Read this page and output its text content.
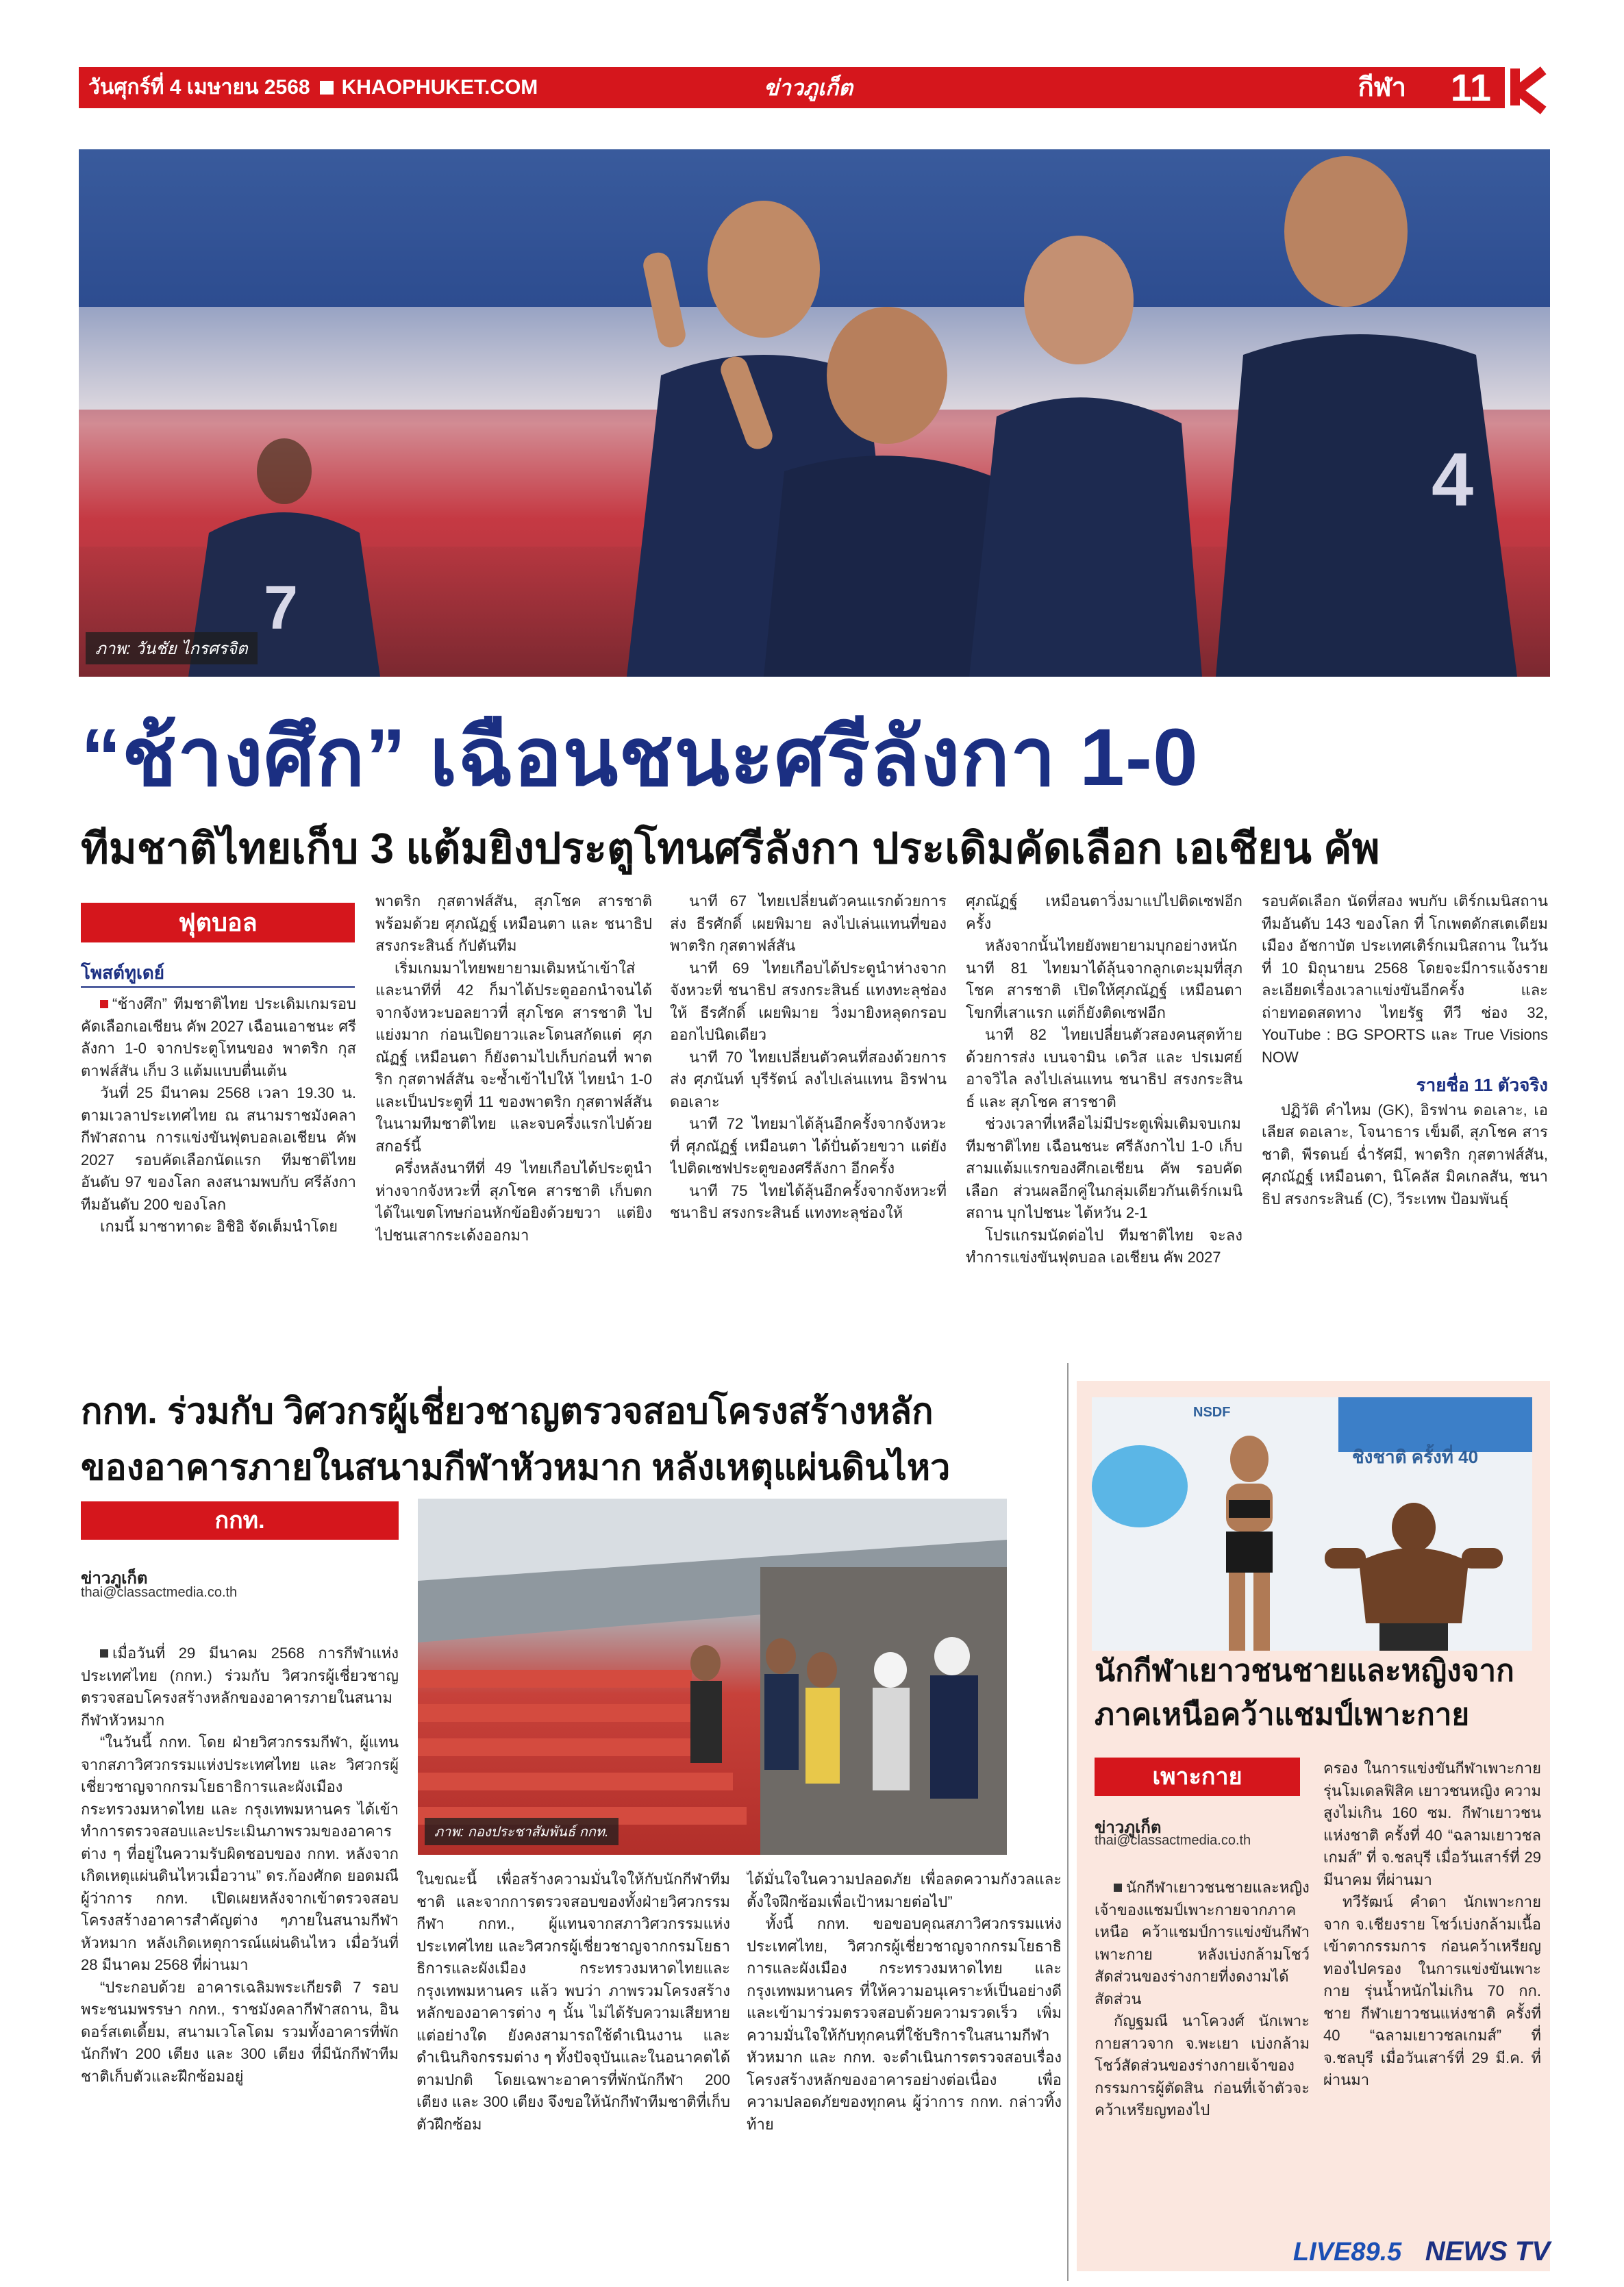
วันศุกร์ที่ 4 เมษายน 2568 KHAOPHUKET.COM	ข่าวภูเก็ต	กีฬา 11
7
4
ภาพ: วันชัย ไกรศรจิต
“ช้างศึก” เฉือนชนะศรีลังกา 1-0
ทีมชาติไทยเก็บ 3 แต้มยิงประตูโทนศรีลังกา ประเดิมคัดเลือก เอเชียน คัพ
ฟุตบอล
โพสต์ทูเดย์

“ช้างศึก” ทีมชาติไทย ประเดิมเกมรอบคัดเลือกเอเชียน คัพ 2027 เฉือนเอาชนะ ศรีลังกา 1-0 จากประตูโทนของ พาตริก กุสตาฟส์สัน เก็บ 3 แต้มแบบตื่นเต้น

วันที่ 25 มีนาคม 2568 เวลา 19.30 น. ตามเวลาประเทศไทย ณ สนามราชมังคลากีฬาสถาน การแข่งขันฟุตบอลเอเชียน คัพ 2027 รอบคัดเลือกนัดแรก ทีมชาติไทย อันดับ 97 ของโลก ลงสนามพบกับ ศรีลังกา ทีมอันดับ 200 ของโลก

เกมนี้ มาซาทาดะ อิชิอิ จัดเต็มนำโดย

พาตริก กุสตาฟส์สัน, สุภโชค สารชาติ พร้อมด้วย ศุภณัฏฐ์ เหมือนตา และ ชนาธิป สรงกระสินธ์ กัปตันทีม

เริ่มเกมมาไทยพยายามเติมหน้าเข้าใส่ และนาทีที่ 42 ก็มาได้ประตูออกนำจนได้ จากจังหวะบอลยาวที่ สุภโชค สารชาติ ไปแย่งมาก ก่อนเปิดยาวและโดนสกัดแต่ ศุภณัฏฐ์ เหมือนตา ก็ยังตามไปเก็บก่อนที่ พาตริก กุสตาฟส์สัน จะซ้ำเข้าไปให้ ไทยนำ 1-0 และเป็นประตูที่ 11 ของพาตริก กุสตาฟส์สัน ในนามทีมชาติไทย และจบครึ่งแรกไปด้วยสกอร์นี้

ครึ่งหลังนาทีที่ 49 ไทยเกือบได้ประตูนำห่างจากจังหวะที่ สุภโชค สารชาติ เก็บตกได้ในเขตโทษก่อนหักข้อยิงด้วยขวา แต่ยิงไปชนเสากระเด้งออกมา

นาที 67 ไทยเปลี่ยนตัวคนแรกด้วยการส่ง ธีรศักดิ์ เผยพิมาย ลงไปเล่นแทนที่ของ พาตริก กุสตาฟส์สัน

นาที 69 ไทยเกือบได้ประตูนำห่างจากจังหวะที่ ชนาธิป สรงกระสินธ์ แทงทะลุช่องให้ ธีรศักดิ์ เผยพิมาย วิ่งมายิงหลุดกรอบออกไปนิดเดียว

นาที 70 ไทยเปลี่ยนตัวคนที่สองด้วยการส่ง ศุภนันท์ บุรีรัตน์ ลงไปเล่นแทน อิรฟาน ดอเลาะ

นาที 72 ไทยมาได้ลุ้นอีกครั้งจากจังหวะที่ ศุภณัฏฐ์ เหมือนตา ได้ปั่นด้วยขวา แต่ยังไปติดเซฟประตูของศรีลังกา อีกครั้ง

นาที 75 ไทยได้ลุ้นอีกครั้งจากจังหวะที่ ชนาธิป สรงกระสินธ์ แทงทะลุช่องให้

ศุภณัฏฐ์ เหมือนตาวิ่งมาแปไปติดเซฟอีกครั้ง

หลังจากนั้นไทยยังพยายามบุกอย่างหนัก นาที 81 ไทยมาได้ลุ้นจากลูกเตะมุมที่สุภโชค สารชาติ เปิดให้ศุภณัฏฐ์ เหมือนตา โขกที่เสาแรก แต่ก็ยังติดเซฟอีก

นาที 82 ไทยเปลี่ยนตัวสองคนสุดท้ายด้วยการส่ง เบนจามิน เดวิส และ ปรเมศย์ อาจวิไล ลงไปเล่นแทน ชนาธิป สรงกระสินธ์ และ สุภโชค สารชาติ

ช่วงเวลาที่เหลือไม่มีประตูเพิ่มเติมจบเกม ทีมชาติไทย เฉือนชนะ ศรีลังกาไป 1-0 เก็บสามแต้มแรกของศึกเอเชียน คัพ รอบคัดเลือก ส่วนผลอีกคู่ในกลุ่มเดียวกันเติร์กเมนิสถาน บุกไปชนะ ไต้หวัน 2-1

โปรแกรมนัดต่อไป ทีมชาติไทย จะลงทำการแข่งขันฟุตบอล เอเชียน คัพ 2027

รอบคัดเลือก นัดที่สอง พบกับ เติร์กเมนิสถาน ทีมอันดับ 143 ของโลก ที่ โกเพตดักสเตเดียม เมือง อัชกาบัต ประเทศเติร์กเมนิสถาน ในวันที่ 10 มิถุนายน 2568 โดยจะมีการแจ้งรายละเอียดเรื่องเวลาแข่งขันอีกครั้ง และ ถ่ายทอดสดทาง ไทยรัฐ ทีวี ช่อง 32, YouTube : BG SPORTS และ True Visions NOW

รายชื่อ 11 ตัวจริง

ปฏิวัติ คำไหม (GK), อิรฟาน ดอเลาะ, เอเลียส ดอเลาะ, โจนาธาร เข็มดี, สุภโชค สารชาติ, พีรดนย์ ฉ่ำรัศมี, พาตริก กุสตาฟส์สัน, ศุภณัฏฐ์ เหมือนตา, นิโคลัส มิคเกลสัน, ชนาธิป สรงกระสินธ์ (C), วีระเทพ ป้อมพันธุ์

กกท. ร่วมกับ วิศวกรผู้เชี่ยวชาญตรวจสอบโครงสร้างหลัก
ของอาคารภายในสนามกีฬาหัวหมาก หลังเหตุแผ่นดินไหว
กกท.
ข่าวภูเก็ต
thai@classactmedia.co.th

เมื่อวันที่ 29 มีนาคม 2568 การกีฬาแห่งประเทศไทย (กกท.) ร่วมกับ วิศวกรผู้เชี่ยวชาญตรวจสอบโครงสร้างหลักของอาคารภายในสนามกีฬาหัวหมาก

“ในวันนี้ กกท. โดย ฝ่ายวิศวกรรมกีฬา, ผู้แทนจากสภาวิศวกรรมแห่งประเทศไทย และ วิศวกรผู้เชี่ยวชาญจากกรมโยธาธิการและผังเมือง กระทรวงมหาดไทย และ กรุงเทพมหานคร ได้เข้าทำการตรวจสอบและประเมินภาพรวมของอาคารต่าง ๆ ที่อยู่ในความรับผิดชอบของ กกท. หลังจากเกิดเหตุแผ่นดินไหวเมื่อวาน” ดร.ก้องศักด ยอดมณี ผู้ว่าการ กกท. เปิดเผยหลังจากเข้าตรวจสอบโครงสร้างอาคารสำคัญต่าง ๆภายในสนามกีฬาหัวหมาก หลังเกิดเหตุการณ์แผ่นดินไหว เมื่อวันที่ 28 มีนาคม 2568 ที่ผ่านมา

“ประกอบด้วย อาคารเฉลิมพระเกียรติ 7 รอบพระชนมพรรษา กกท., ราชมังคลากีฬาสถาน, อินดอร์สเตเดี้ยม, สนามเวโลโดม รวมทั้งอาคารที่พักนักกีฬา 200 เตียง และ 300 เตียง ที่มีนักกีฬาทีมชาติเก็บตัวและฝึกซ้อมอยู่

ภาพ: กองประชาสัมพันธ์ กกท.

ในขณะนี้ เพื่อสร้างความมั่นใจให้กับนักกีฬาทีมชาติ และจากการตรวจสอบของทั้งฝ่ายวิศวกรรมกีฬา กกท., ผู้แทนจากสภาวิศวกรรมแห่งประเทศไทย และวิศวกรผู้เชี่ยวชาญจากกรมโยธาธิการและผังเมือง กระทรวงมหาดไทยและกรุงเทพมหานคร แล้ว พบว่า ภาพรวมโครงสร้างหลักของอาคารต่าง ๆ นั้น ไม่ได้รับความเสียหายแต่อย่างใด ยังคงสามารถใช้ดำเนินงาน และดำเนินกิจกรรมต่าง ๆ ทั้งปัจจุบันและในอนาคตได้ตามปกติ โดยเฉพาะอาคารที่พักนักกีฬา 200 เตียง และ 300 เตียง จึงขอให้นักกีฬาทีมชาติที่เก็บตัวฝึกซ้อม

ได้มั่นใจในความปลอดภัย เพื่อลดความกังวลและตั้งใจฝึกซ้อมเพื่อเป้าหมายต่อไป”

ทั้งนี้ กกท. ขอขอบคุณสภาวิศวกรรมแห่งประเทศไทย, วิศวกรผู้เชี่ยวชาญจากกรมโยธาธิการและผังเมือง กระทรวงมหาดไทย และกรุงเทพมหานคร ที่ให้ความอนุเคราะห์เป็นอย่างดี และเข้ามาร่วมตรวจสอบด้วยความรวดเร็ว เพิ่มความมั่นใจให้กับทุกคนที่ใช้บริการในสนามกีฬาหัวหมาก และ กกท. จะดำเนินการตรวจสอบเรื่องโครงสร้างหลักของอาคารอย่างต่อเนื่อง เพื่อความปลอดภัยของทุกคน ผู้ว่าการ กกท. กล่าวทิ้งท้าย

NSDF
ชิงชาติ ครั้งที่ 40
นักกีฬาเยาวชนชายและหญิงจากภาคเหนือคว้าแชมป์เพาะกาย
เพาะกาย
ข่าวภูเก็ต
thai@classactmedia.co.th

นักกีฬาเยาวชนชายและหญิงเจ้าของแชมป์เพาะกายจากภาคเหนือ คว้าแชมป์การแข่งขันกีฬาเพาะกาย หลังเบ่งกล้ามโชว์สัดส่วนของร่างกายที่งดงามได้สัดส่วน

กัญฐมณี นาโควงศ์ นักเพาะกายสาวจาก จ.พะเยา เบ่งกล้ามโชว์สัดส่วนของร่างกายเจ้าของกรรมการผู้ตัดสิน ก่อนที่เจ้าตัวจะคว้าเหรียญทองไป

ครอง ในการแข่งขันกีฬาเพาะกาย รุ่นโมเดลฟิสิค เยาวชนหญิง ความสูงไม่เกิน 160 ซม. กีฬาเยาวชนแห่งชาติ ครั้งที่ 40 “ฉลามเยาวชลเกมส์” ที่ จ.ชลบุรี เมื่อวันเสาร์ที่ 29 มีนาคม ที่ผ่านมา

ทวีรัฒน์ คำดา นักเพาะกายจาก จ.เชียงราย โชว์เบ่งกล้ามเนื้อเข้าตากรรมการ ก่อนคว้าเหรียญทองไปครอง ในการแข่งขันเพาะกาย รุ่นน้ำหนักไม่เกิน 70 กก. ชาย กีฬาเยาวชนแห่งชาติ ครั้งที่ 40 “ฉลามเยาวชลเกมส์” ที่ จ.ชลบุรี เมื่อวันเสาร์ที่ 29 มี.ค. ที่ผ่านมา

LIVE89.5 NEWS TV
